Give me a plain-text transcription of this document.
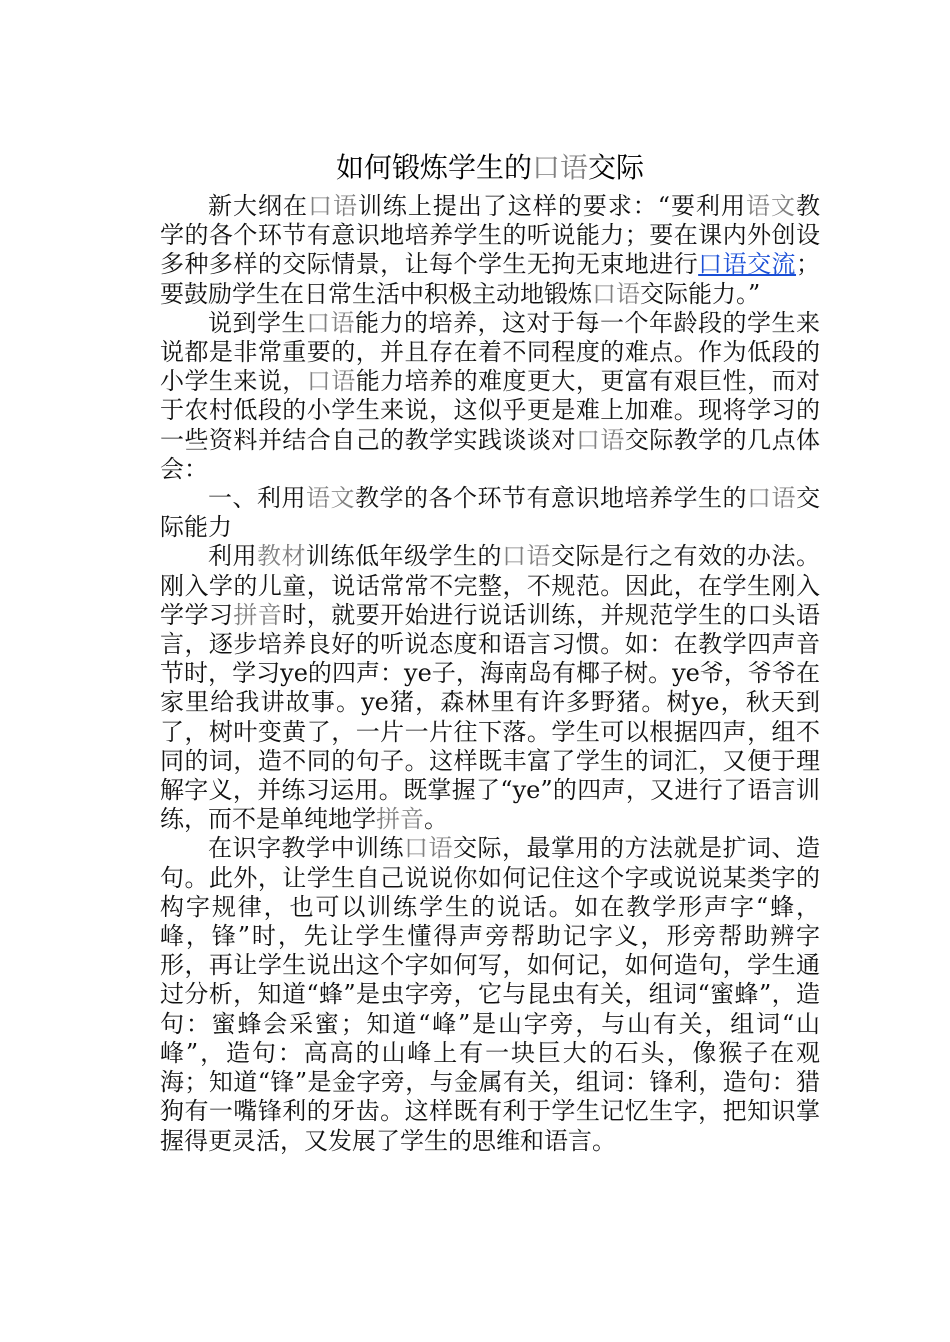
如何锻炼学生的口语交际

新大纲在口语训练上提出了这样的要求：“要利用语文教学的各个环节有意识地培养学生的听说能力；要在课内外创设多种多样的交际情景，让每个学生无拘无束地进行口语交流；要鼓励学生在日常生活中积极主动地锻炼口语交际能力。”

说到学生口语能力的培养，这对于每一个年龄段的学生来说都是非常重要的，并且存在着不同程度的难点。作为低段的小学生来说，口语能力培养的难度更大，更富有艰巨性，而对于农村低段的小学生来说，这似乎更是难上加难。现将学习的一些资料并结合自己的教学实践谈谈对口语交际教学的几点体会：

一、利用语文教学的各个环节有意识地培养学生的口语交际能力

利用教材训练低年级学生的口语交际是行之有效的办法。刚入学的儿童，说话常常不完整，不规范。因此，在学生刚入学学习拼音时，就要开始进行说话训练，并规范学生的口头语言，逐步培养良好的听说态度和语言习惯。如：在教学四声音节时，学习ye的四声：ye子，海南岛有椰子树。ye爷，爷爷在家里给我讲故事。ye猪，森林里有许多野猪。树ye，秋天到了，树叶变黄了，一片一片往下落。学生可以根据四声，组不同的词，造不同的句子。这样既丰富了学生的词汇，又便于理解字义，并练习运用。既掌握了“ye”的四声，又进行了语言训练，而不是单纯地学拼音。

在识字教学中训练口语交际，最掌用的方法就是扩词、造句。此外，让学生自己说说你如何记住这个字或说说某类字的构字规律，也可以训练学生的说话。如在教学形声字“蜂，峰，锋”时，先让学生懂得声旁帮助记字义，形旁帮助辨字形，再让学生说出这个字如何写，如何记，如何造句，学生通过分析，知道“蜂”是虫字旁，它与昆虫有关，组词“蜜蜂”，造句：蜜蜂会采蜜；知道“峰”是山字旁，与山有关，组词“山峰”，造句：高高的山峰上有一块巨大的石头，像猴子在观海；知道“锋”是金字旁，与金属有关，组词：锋利，造句：猎狗有一嘴锋利的牙齿。这样既有利于学生记忆生字，把知识掌握得更灵活，又发展了学生的思维和语言。
